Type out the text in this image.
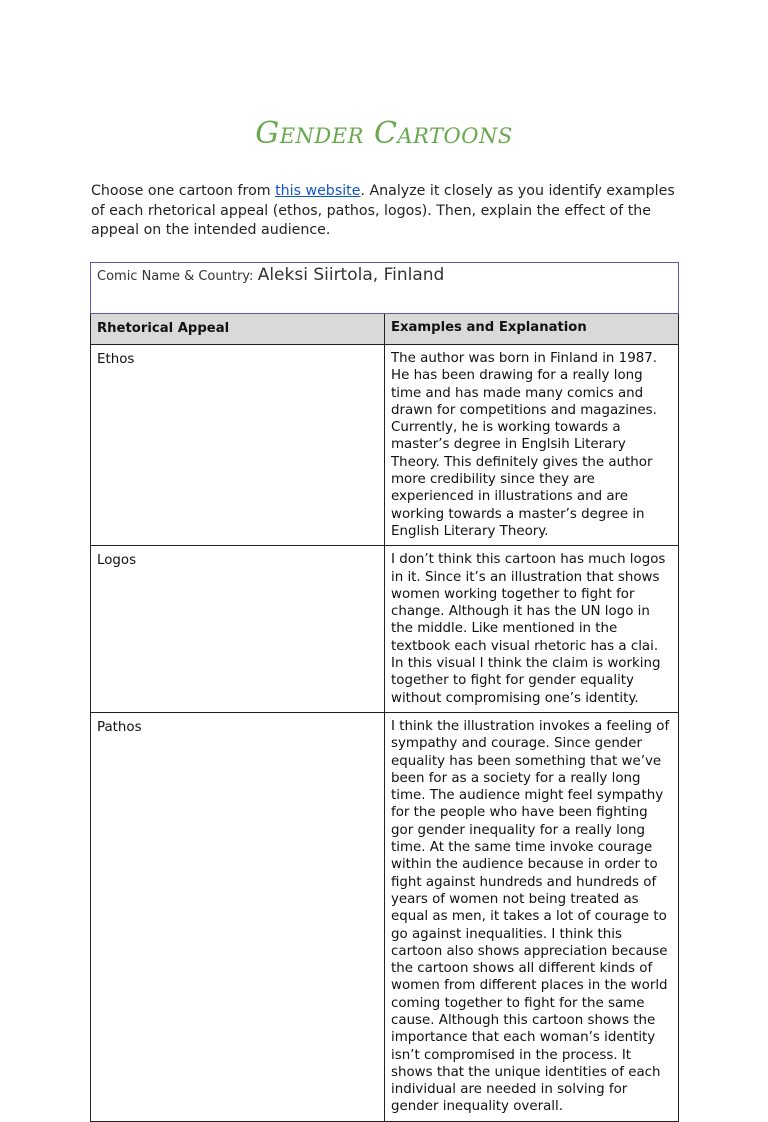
Gender Cartoons
Choose one cartoon from this website. Analyze it closely as you identify examples of each rhetorical appeal (ethos, pathos, logos). Then, explain the effect of the appeal on the intended audience.
Comic Name & Country: Aleksi Siirtola, Finland	
Rhetorical Appeal	Examples and Explanation
Ethos	The author was born in Finland in 1987. He has been drawing for a really long time and has made many comics and drawn for competitions and magazines. Currently, he is working towards a master’s degree in Englsih Literary Theory. This definitely gives the author more credibility since they are experienced in illustrations and are working towards a master’s degree in English Literary Theory.
Logos	I don’t think this cartoon has much logos in it. Since it’s an illustration that shows women working together to fight for change. Although it has the UN logo in the middle. Like mentioned in the textbook each visual rhetoric has a clai. In this visual I think the claim is working together to fight for gender equality without compromising one’s identity.
Pathos	I think the illustration invokes a feeling of sympathy and courage. Since gender equality has been something that we’ve been for as a society for a really long time. The audience might feel sympathy for the people who have been fighting gor gender inequality for a really long time. At the same time invoke courage within the audience because in order to fight against hundreds and hundreds of years of women not being treated as equal as men, it takes a lot of courage to go against inequalities. I think this cartoon also shows appreciation because the cartoon shows all different kinds of women from different places in the world coming together to fight for the same cause. Although this cartoon shows the importance that each woman’s identity isn’t compromised in the process. It shows that the unique identities of each individual are needed in solving for gender inequality overall.
